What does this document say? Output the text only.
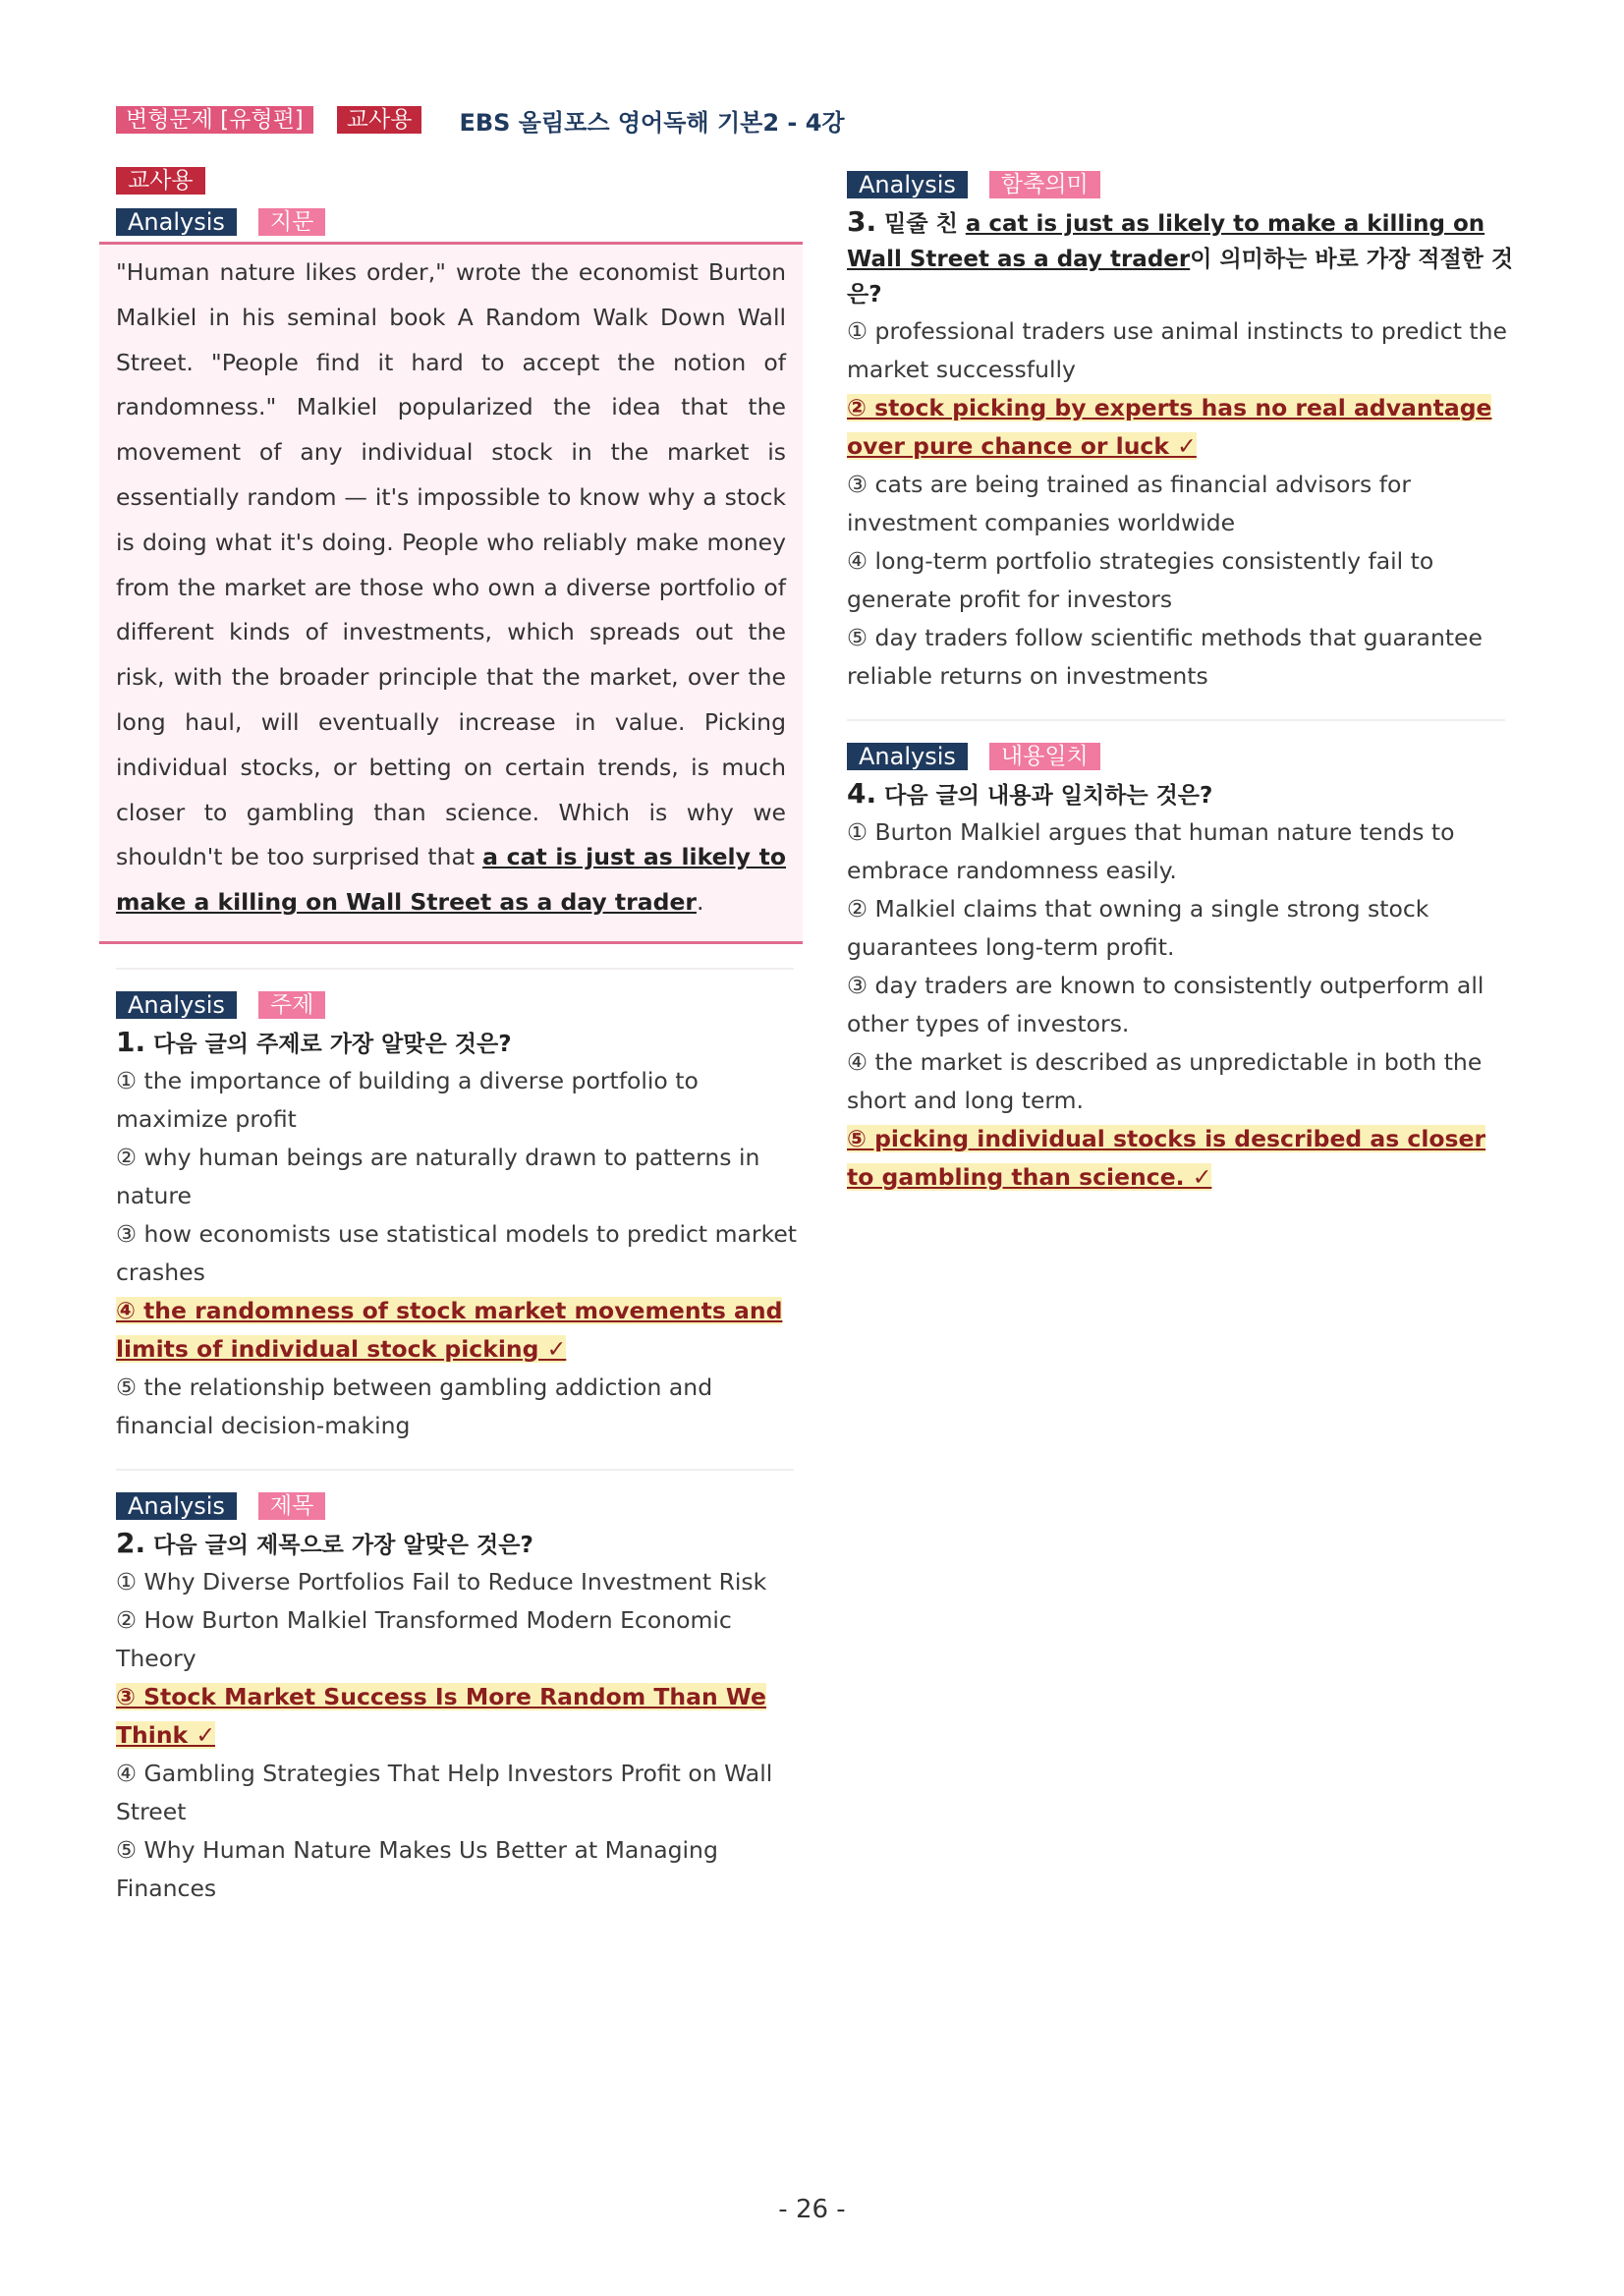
변형문제 [유형편]	교사용	EBS 올림포스 영어독해 기본2 - 4강
교사용
Analysis	지문
"Human nature likes order," wrote the economist Burton Malkiel in his seminal book A Random Walk Down Wall Street. "People find it hard to accept the notion of randomness." Malkiel popularized the idea that the movement of any individual stock in the market is essentially random — it's impossible to know why a stock is doing what it's doing. People who reliably make money from the market are those who own a diverse portfolio of different kinds of investments, which spreads out the risk, with the broader principle that the market, over the long haul, will eventually increase in value. Picking individual stocks, or betting on certain trends, is much closer to gambling than science. Which is why we shouldn't be too surprised that a cat is just as likely to make a killing on Wall Street as a day trader.
Analysis	주제
1. 다음 글의 주제로 가장 알맞은 것은?
① the importance of building a diverse portfolio to maximize profit
② why human beings are naturally drawn to patterns in nature
③ how economists use statistical models to predict market crashes
④ the randomness of stock market movements and limits of individual stock picking ✓
⑤ the relationship between gambling addiction and financial decision-making
Analysis	제목
2. 다음 글의 제목으로 가장 알맞은 것은?
① Why Diverse Portfolios Fail to Reduce Investment Risk
② How Burton Malkiel Transformed Modern Economic Theory
③ Stock Market Success Is More Random Than We Think ✓
④ Gambling Strategies That Help Investors Profit on Wall Street
⑤ Why Human Nature Makes Us Better at Managing Finances
Analysis	함축의미
3. 밑줄 친 a cat is just as likely to make a killing on Wall Street as a day trader이 의미하는 바로 가장 적절한 것은?
① professional traders use animal instincts to predict the market successfully
② stock picking by experts has no real advantage over pure chance or luck ✓
③ cats are being trained as financial advisors for investment companies worldwide
④ long-term portfolio strategies consistently fail to generate profit for investors
⑤ day traders follow scientific methods that guarantee reliable returns on investments
Analysis	내용일치
4. 다음 글의 내용과 일치하는 것은?
① Burton Malkiel argues that human nature tends to embrace randomness easily.
② Malkiel claims that owning a single strong stock guarantees long-term profit.
③ day traders are known to consistently outperform all other types of investors.
④ the market is described as unpredictable in both the short and long term.
⑤ picking individual stocks is described as closer to gambling than science. ✓
- 26 -
